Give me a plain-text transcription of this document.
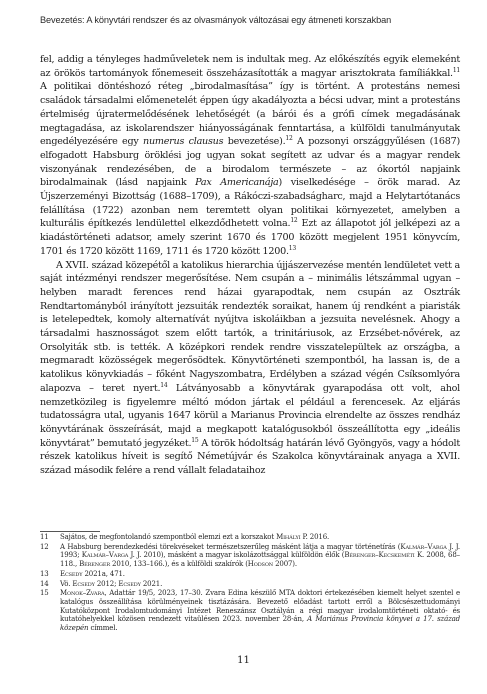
Bevezetés: A könyvtári rendszer és az olvasmányok változásai egy átmeneti korszakban

fel, addig a tényleges hadműveletek nem is indultak meg. Az előkészítés egyik elemeként az örökös tartományok főnemeseit összeházasították a magyar arisztokrata famíliákkal.$^{11}$ A politikai döntéshozó réteg „birodalmasítása” így is történt. A protestáns nemesi családok társadalmi előmenetelét éppen úgy akadályozta a bécsi udvar, mint a protestáns értelmiség újratermelődésének lehetőségét (a bárói és a grófi címek megadásának megtagadása, az iskolarendszer hiányosságának fenntartása, a külföldi tanulmányutak engedélyezésére egy numerus clausus bevezetése).$^{12}$ A pozsonyi országgyűlésen (1687) elfogadott Habsburg öröklési jog ugyan sokat segített az udvar és a magyar rendek viszonyának rendezésében, de a birodalom természete – az ókortól napjaink birodalmainak (lásd napjaink Pax Americanája) viselkedésége – örök marad. Az Újszerzeményi Bizottság (1688–1709), a Rákóczi-szabadságharc, majd a Helytartótanács felállítása (1722) azonban nem teremtett olyan politikai környezetet, amelyben a kulturális építkezés lendülettel elkezdődhetett volna.$^{12}$ Ezt az állapotot jól jelképezi az a kiadástörténeti adatsor, amely szerint 1670 és 1700 között megjelent 1951 könyvcím, 1701 és 1720 között 1169, 1711 és 1720 között 1200.13

A XVII. század közepétől a katolikus hierarchia újjászervezése mentén lendületet vett a saját intézményi rendszer megerősítése. Nem csupán a – minimális létszámmal ugyan – helyben maradt ferences rend házai gyarapodtak, nem csupán az Osztrák Rendtartományból irányított jezsuiták rendezték soraikat, hanem új rendként a piaristák is letelepedtek, komoly alternatívát nyújtva iskoláikban a jezsuita nevelésnek. Ahogy a társadalmi hasznosságot szem előtt tartók, a trinitáriusok, az Erzsébet-nővérek, az Orsolyiták stb. is tették. A középkori rendek rendre visszatelepültek az országba, a megmaradt közösségek megerősödtek. Könyvtörténeti szempontból, ha lassan is, de a katolikus könyvkiadás – főként Nagyszombatra, Erdélyben a század végén Csíksomlyóra alapozva – teret nyert.$^{14}$ Látványosabb a könyvtárak gyarapodása ott volt, ahol nemzetközileg is figyelemre méltó módon jártak el például a ferencesek. Az eljárás tudatosságra utal, ugyanis 1647 körül a Marianus Provincia elrendelte az összes rendház könyvtárának összeírását, majd a megkapott katalógusokból összeállította egy „ideális könyvtárat” bemutató jegyzéket.$^{15}$ A török hódoltság határán lévő Gyöngyös, vagy a hódolt részek katolikus híveit is segítő Németújvár és Szakolca könyvtárainak anyaga a XVII. század második felére a rend vállalt feladataihoz

11	Sajátos, de megfontolandó szempontból elemzi ezt a korszakot Mihályi P. 2016.
12	A Habsburg berendezkedési törekvéseket természetszerűleg másként látja a magyar történetírás (Kalmár–Varga J. J. 1993; Kalmár–Varga J. J. 2010), másként a magyar iskolázottsággal külföldön élők (Bérenger–Kecskeméti K. 2008, 68–118., Bérenger 2010, 133–166.), és a külföldi szakírók (Hodson 2007).
13	Ecsedy 2021a, 471.
14	Vö. Ecsedy 2012; Ecsedy 2021.
15	Monok–Zvara, Adattár 19/5, 2023, 17–30. Zvara Edina készülő MTA doktori értekezésében kiemelt helyet szentel e katalógus összeállítása körülményeinek tisztázására. Bevezető előadást tartott erről a Bölcsészettudományi Kutatóközpont Irodalomtudományi Intézet Reneszánsz Osztályán a régi magyar irodalomtörténeti oktató- és kutatóhelyekkel közösen rendezett vitaülésen 2023. november 28-án, A Mariánus Provincia könyvei a 17. század közepén címmel.
11
